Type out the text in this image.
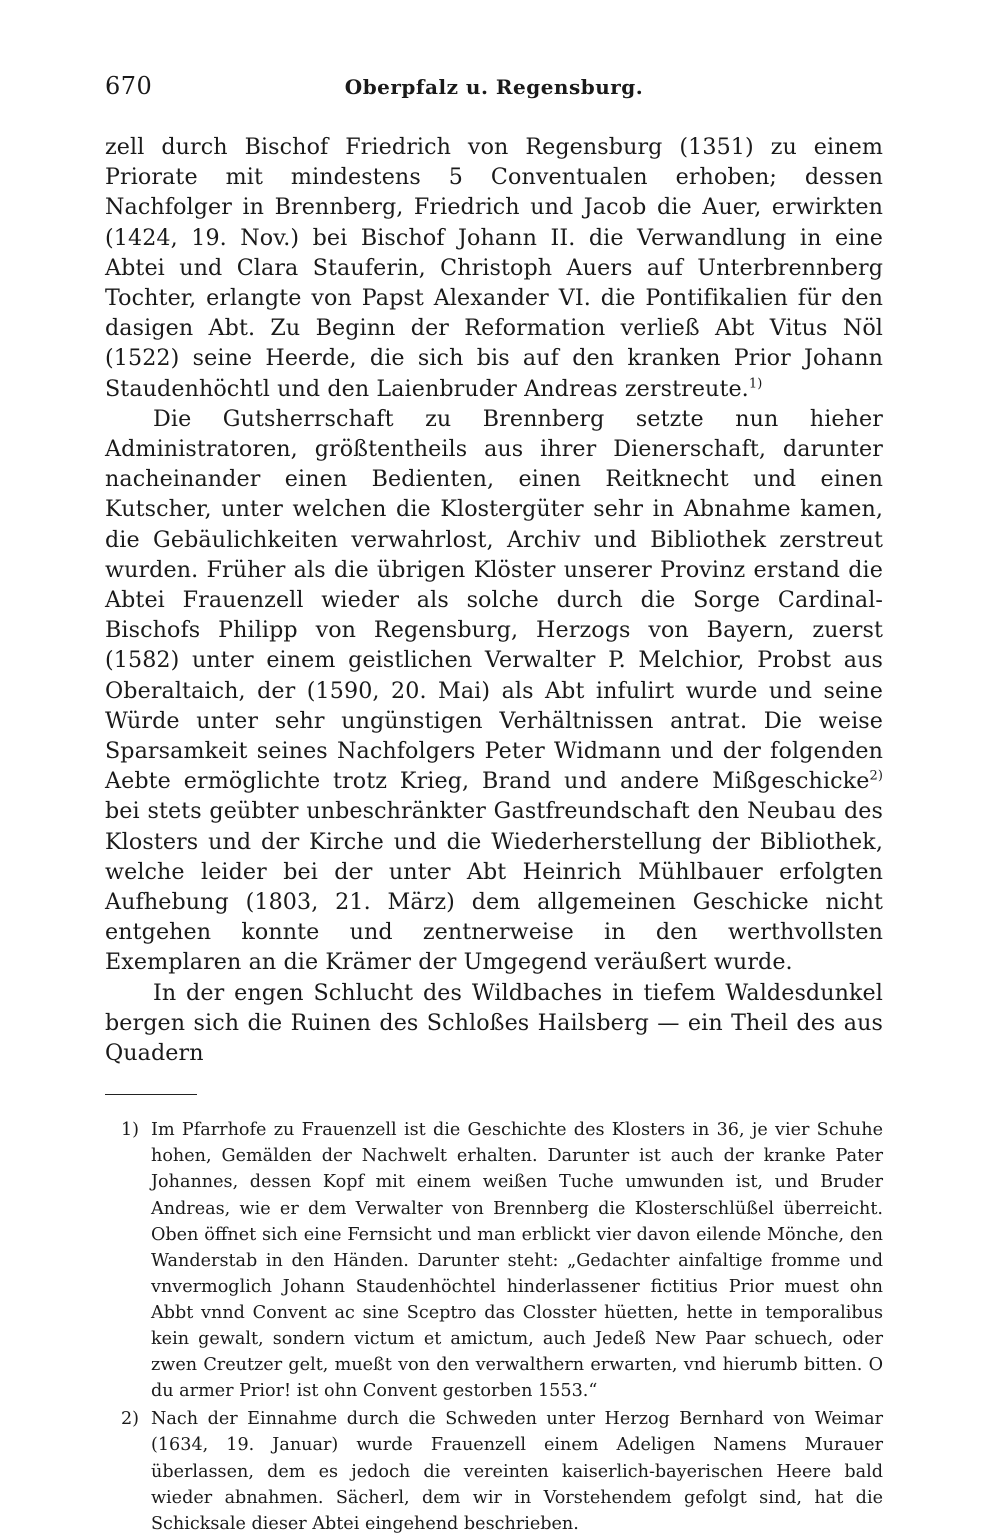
670	Oberpfalz u. Regensburg.

zell durch Bischof Friedrich von Regensburg (1351) zu einem Priorate mit mindestens 5 Conventualen erhoben; dessen Nachfolger in Brennberg, Friedrich und Jacob die Auer, erwirkten (1424, 19. Nov.) bei Bischof Johann II. die Verwandlung in eine Abtei und Clara Stauferin, Christoph Auers auf Unterbrennberg Tochter, erlangte von Papst Alexander VI. die Pontifikalien für den dasigen Abt. Zu Beginn der Reformation verließ Abt Vitus Nöl (1522) seine Heerde, die sich bis auf den kranken Prior Johann Staudenhöchtl und den Laienbruder Andreas zerstreute.$^{1)}$

Die Gutsherrschaft zu Brennberg setzte nun hieher Administratoren, größtentheils aus ihrer Dienerschaft, darunter nacheinander einen Bedienten, einen Reitknecht und einen Kutscher, unter welchen die Klostergüter sehr in Abnahme kamen, die Gebäulichkeiten verwahrlost, Archiv und Bibliothek zerstreut wurden. Früher als die übrigen Klöster unserer Provinz erstand die Abtei Frauenzell wieder als solche durch die Sorge Cardinal-Bischofs Philipp von Regensburg, Herzogs von Bayern, zuerst (1582) unter einem geistlichen Verwalter P. Melchior, Probst aus Oberaltaich, der (1590, 20. Mai) als Abt infulirt wurde und seine Würde unter sehr ungünstigen Verhältnissen antrat. Die weise Sparsamkeit seines Nachfolgers Peter Widmann und der folgenden Aebte ermöglichte trotz Krieg, Brand und andere Mißgeschicke$^{2)}$ bei stets geübter unbeschränkter Gastfreundschaft den Neubau des Klosters und der Kirche und die Wiederherstellung der Bibliothek, welche leider bei der unter Abt Heinrich Mühlbauer erfolgten Aufhebung (1803, 21. März) dem allgemeinen Geschicke nicht entgehen konnte und zentnerweise in den werthvollsten Exemplaren an die Krämer der Umgegend veräußert wurde.

In der engen Schlucht des Wildbaches in tiefem Waldesdunkel bergen sich die Ruinen des Schloßes Hailsberg — ein Theil des aus Quadern

1) Im Pfarrhofe zu Frauenzell ist die Geschichte des Klosters in 36, je vier Schuhe hohen, Gemälden der Nachwelt erhalten. Darunter ist auch der kranke Pater Johannes, dessen Kopf mit einem weißen Tuche umwunden ist, und Bruder Andreas, wie er dem Verwalter von Brennberg die Klosterschlüßel überreicht. Oben öffnet sich eine Fernsicht und man erblickt vier davon eilende Mönche, den Wanderstab in den Händen. Darunter steht: „Gedachter ainfaltige fromme und vnvermoglich Johann Staudenhöchtel hinderlassener fictitius Prior muest ohn Abbt vnnd Convent ac sine Sceptro das Closster hüetten, hette in temporalibus kein gewalt, sondern victum et amictum, auch Jedeß New Paar schuech, oder zwen Creutzer gelt, mueßt von den verwalthern erwarten, vnd hierumb bitten. O du armer Prior! ist ohn Convent gestorben 1553.“
2) Nach der Einnahme durch die Schweden unter Herzog Bernhard von Weimar (1634, 19. Januar) wurde Frauenzell einem Adeligen Namens Murauer überlassen, dem es jedoch die vereinten kaiserlich-bayerischen Heere bald wieder abnahmen. Sächerl, dem wir in Vorstehendem gefolgt sind, hat die Schicksale dieser Abtei eingehend beschrieben.
